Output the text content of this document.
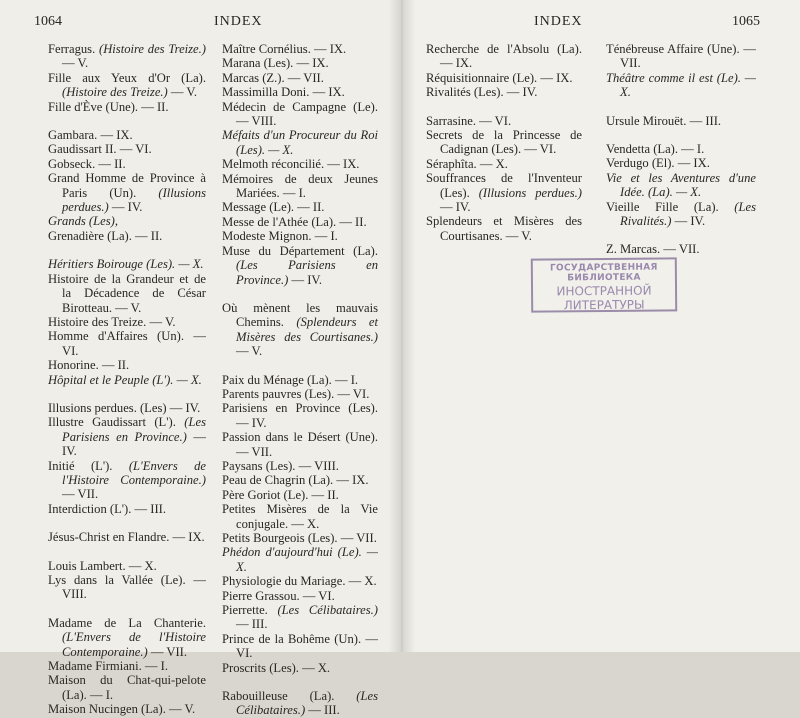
1064	INDEX
Ferragus. (Histoire des Treize.) — V.
Fille aux Yeux d'Or (La). (Histoire des Treize.) — V.
Fille d'Ève (Une). — II.
Gambara. — IX.
Gaudissart II. — VI.
Gobseck. — II.
Grand Homme de Province à Paris (Un). (Illusions perdues.) — IV.
Grands (Les),
Grenadière (La). — II.
Héritiers Boirouge (Les). — X.
Histoire de la Grandeur et de la Décadence de César Birotteau. — V.
Histoire des Treize. — V.
Homme d'Affaires (Un). — VI.
Honorine. — II.
Hôpital et le Peuple (L'). — X.
Illusions perdues. (Les) — IV.
Illustre Gaudissart (L'). (Les Parisiens en Province.) — IV.
Initié (L'). (L'Envers de l'Histoire Contemporaine.) — VII.
Interdiction (L'). — III.
Jésus-Christ en Flandre. — IX.
Louis Lambert. — X.
Lys dans la Vallée (Le). — VIII.
Madame de La Chanterie. (L'Envers de l'Histoire Contemporaine.) — VII.
Madame Firmiani. — I.
Maison du Chat-qui-pelote (La). — I.
Maison Nucingen (La). — V.
Maître Cornélius. — IX.
Marana (Les). — IX.
Marcas (Z.). — VII.
Massimilla Doni. — IX.
Médecin de Campagne (Le). — VIII.
Méfaits d'un Procureur du Roi (Les). — X.
Melmoth réconcilié. — IX.
Mémoires de deux Jeunes Mariées. — I.
Message (Le). — II.
Messe de l'Athée (La). — II.
Modeste Mignon. — I.
Muse du Département (La). (Les Parisiens en Province.) — IV.
Où mènent les mauvais Chemins. (Splendeurs et Misères des Courtisanes.) — V.
Paix du Ménage (La). — I.
Parents pauvres (Les). — VI.
Parisiens en Province (Les). — IV.
Passion dans le Désert (Une). — VII.
Paysans (Les). — VIII.
Peau de Chagrin (La). — IX.
Père Goriot (Le). — II.
Petites Misères de la Vie conjugale. — X.
Petits Bourgeois (Les). — VII.
Phédon d'aujourd'hui (Le). — X.
Physiologie du Mariage. — X.
Pierre Grassou. — VI.
Pierrette. (Les Célibataires.) — III.
Prince de la Bohême (Un). — VI.
Proscrits (Les). — X.
Rabouilleuse (La). (Les Célibataires.) — III.
1065
INDEX
Recherche de l'Absolu (La). — IX.
Réquisitionnaire (Le). — IX.
Rivalités (Les). — IV.
Sarrasine. — VI.
Secrets de la Princesse de Cadignan (Les). — VI.
Séraphîta. — X.
Souffrances de l'Inventeur (Les). (Illusions perdues.) — IV.
Splendeurs et Misères des Courtisanes. — V.
Ténébreuse Affaire (Une). — VII.
Théâtre comme il est (Le). — X.
Ursule Mirouët. — III.
Vendetta (La). — I.
Verdugo (El). — IX.
Vie et les Aventures d'une Idée. (La). — X.
Vieille Fille (La). (Les Rivalités.) — IV.
Z. Marcas. — VII.
ГОСУДАРСТВЕННАЯ БИБЛИОТЕКА
ИНОСТРАННОЙ
ЛИТЕРАТУРЫ
